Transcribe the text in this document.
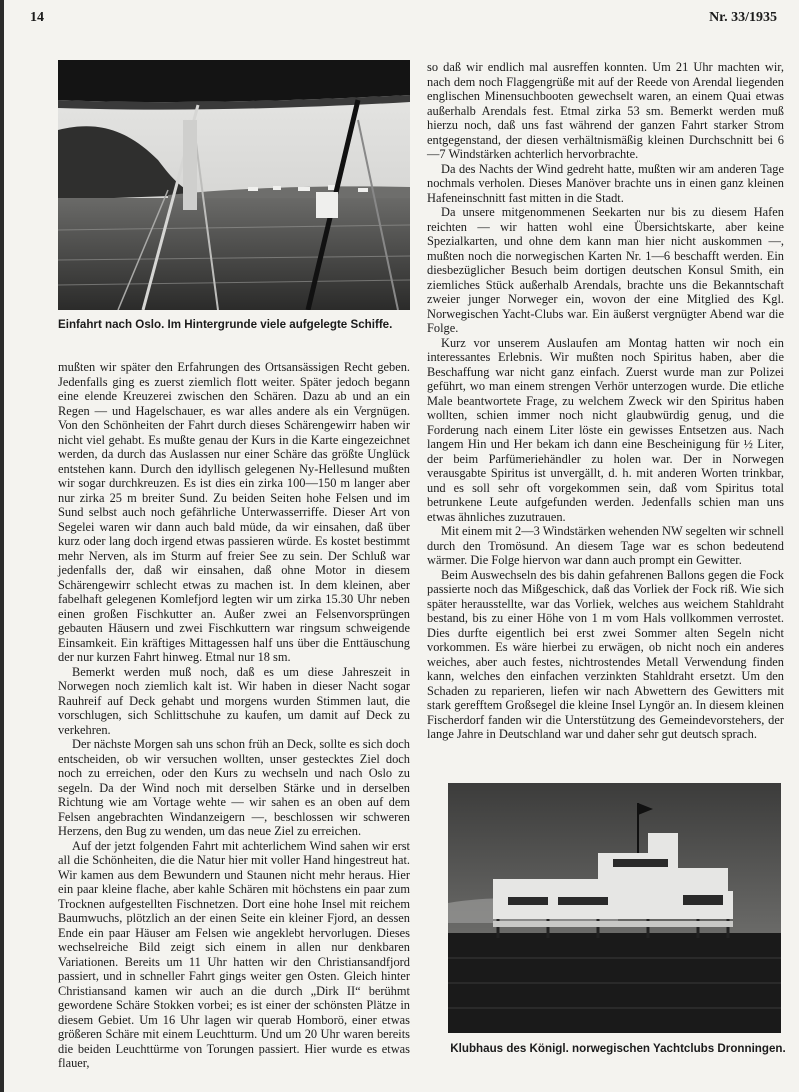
14	Nr. 33/1935
Einfahrt nach Oslo. Im Hintergrunde viele aufgelegte Schiffe.

mußten wir später den Erfahrungen des Ortsansässigen Recht geben. Jedenfalls ging es zuerst ziemlich flott weiter. Später jedoch begann eine elende Kreuzerei zwischen den Schären. Dazu ab und an ein Regen — und Hagelschauer, es war alles andere als ein Vergnügen. Von den Schönheiten der Fahrt durch dieses Schärengewirr haben wir nicht viel gehabt. Es mußte genau der Kurs in die Karte eingezeichnet werden, da durch das Auslassen nur einer Schäre das größte Unglück entstehen kann. Durch den idyllisch gelegenen Ny-Hellesund mußten wir sogar durchkreuzen. Es ist dies ein zirka 100—150 m langer aber nur zirka 25 m breiter Sund. Zu beiden Seiten hohe Felsen und im Sund selbst auch noch gefährliche Unterwasserriffe. Dieser Art von Segelei waren wir dann auch bald müde, da wir einsahen, daß über kurz oder lang doch irgend etwas passieren würde. Es kostet bestimmt mehr Nerven, als im Sturm auf freier See zu sein. Der Schluß war jedenfalls der, daß wir einsahen, daß ohne Motor in diesem Schärengewirr schlecht etwas zu machen ist. In dem kleinen, aber fabelhaft gelegenen Komlefjord legten wir um zirka 15.30 Uhr neben einen großen Fischkutter an. Außer zwei an Felsenvorsprüngen gebauten Häusern und zwei Fischkuttern war ringsum schweigende Einsamkeit. Ein kräftiges Mittagessen half uns über die Enttäuschung der nur kurzen Fahrt hinweg. Etmal nur 18 sm.

Bemerkt werden muß noch, daß es um diese Jahreszeit in Norwegen noch ziemlich kalt ist. Wir haben in dieser Nacht sogar Rauhreif auf Deck gehabt und morgens wurden Stimmen laut, die vorschlugen, sich Schlittschuhe zu kaufen, um damit auf Deck zu verkehren.

Der nächste Morgen sah uns schon früh an Deck, sollte es sich doch entscheiden, ob wir versuchen wollten, unser gestecktes Ziel doch noch zu erreichen, oder den Kurs zu wechseln und nach Oslo zu segeln. Da der Wind noch mit derselben Stärke und in derselben Richtung wie am Vortage wehte — wir sahen es an oben auf dem Felsen angebrachten Windanzeigern —, beschlossen wir schweren Herzens, den Bug zu wenden, um das neue Ziel zu erreichen.

Auf der jetzt folgenden Fahrt mit achterlichem Wind sahen wir erst all die Schönheiten, die die Natur hier mit voller Hand hingestreut hat. Wir kamen aus dem Bewundern und Staunen nicht mehr heraus. Hier ein paar kleine flache, aber kahle Schären mit höchstens ein paar zum Trocknen aufgestellten Fischnetzen. Dort eine hohe Insel mit reichem Baumwuchs, plötzlich an der einen Seite ein kleiner Fjord, an dessen Ende ein paar Häuser am Felsen wie angeklebt hervorlugen. Dieses wechselreiche Bild zeigt sich einem in allen nur denkbaren Variationen. Bereits um 11 Uhr hatten wir den Christiansandfjord passiert, und in schneller Fahrt gings weiter gen Osten. Gleich hinter Christiansand kamen wir auch an die durch „Dirk II“ berühmt gewordene Schäre Stokken vorbei; es ist einer der schönsten Plätze in diesem Gebiet. Um 16 Uhr lagen wir querab Homborö, einer etwas größeren Schäre mit einem Leuchtturm. Und um 20 Uhr waren bereits die beiden Leuchttürme von Torungen passiert. Hier wurde es etwas flauer,

so daß wir endlich mal ausreffen konnten. Um 21 Uhr machten wir, nach dem noch Flaggengrüße mit auf der Reede von Arendal liegenden englischen Minensuchbooten gewechselt waren, an einem Quai etwas außerhalb Arendals fest. Etmal zirka 53 sm. Bemerkt werden muß hierzu noch, daß uns fast während der ganzen Fahrt starker Strom entgegenstand, der diesen verhältnismäßig kleinen Durchschnitt bei 6—7 Windstärken achterlich hervorbrachte.

Da des Nachts der Wind gedreht hatte, mußten wir am anderen Tage nochmals verholen. Dieses Manöver brachte uns in einen ganz kleinen Hafeneinschnitt fast mitten in die Stadt.

Da unsere mitgenommenen Seekarten nur bis zu diesem Hafen reichten — wir hatten wohl eine Übersichtskarte, aber keine Spezialkarten, und ohne dem kann man hier nicht auskommen —, mußten noch die norwegischen Karten Nr. 1—6 beschafft werden. Ein diesbezüglicher Besuch beim dortigen deutschen Konsul Smith, ein ziemliches Stück außerhalb Arendals, brachte uns die Bekanntschaft zweier junger Norweger ein, wovon der eine Mitglied des Kgl. Norwegischen Yacht-Clubs war. Ein äußerst vergnügter Abend war die Folge.

Kurz vor unserem Auslaufen am Montag hatten wir noch ein interessantes Erlebnis. Wir mußten noch Spiritus haben, aber die Beschaffung war nicht ganz einfach. Zuerst wurde man zur Polizei geführt, wo man einem strengen Verhör unterzogen wurde. Die etliche Male beantwortete Frage, zu welchem Zweck wir den Spiritus haben wollten, schien immer noch nicht glaubwürdig genug, und die Forderung nach einem Liter löste ein gewisses Entsetzen aus. Nach langem Hin und Her bekam ich dann eine Bescheinigung für ½ Liter, der beim Parfümeriehändler zu holen war. Der in Norwegen verausgabte Spiritus ist unvergällt, d. h. mit anderen Worten trinkbar, und es soll sehr oft vorgekommen sein, daß vom Spiritus total betrunkene Leute aufgefunden werden. Jedenfalls schien man uns etwas ähnliches zuzutrauen.

Mit einem mit 2—3 Windstärken wehenden NW segelten wir schnell durch den Tromösund. An diesem Tage war es schon bedeutend wärmer. Die Folge hiervon war dann auch prompt ein Gewitter.

Beim Auswechseln des bis dahin gefahrenen Ballons gegen die Fock passierte noch das Mißgeschick, daß das Vorliek der Fock riß. Wie sich später herausstellte, war das Vorliek, welches aus weichem Stahldraht bestand, bis zu einer Höhe von 1 m vom Hals vollkommen verrostet. Dies durfte eigentlich bei erst zwei Sommer alten Segeln nicht vorkommen. Es wäre hierbei zu erwägen, ob nicht noch ein anderes weiches, aber auch festes, nichtrostendes Metall Verwendung finden kann, welches den einfachen verzinkten Stahldraht ersetzt. Um den Schaden zu reparieren, liefen wir nach Abwettern des Gewitters mit stark gerefftem Großsegel die kleine Insel Lyngör an. In diesem kleinen Fischerdorf fanden wir die Unterstützung des Gemeindevorstehers, der lange Jahre in Deutschland war und daher sehr gut deutsch sprach.

Klubhaus des Königl. norwegischen Yachtclubs Dronningen.
